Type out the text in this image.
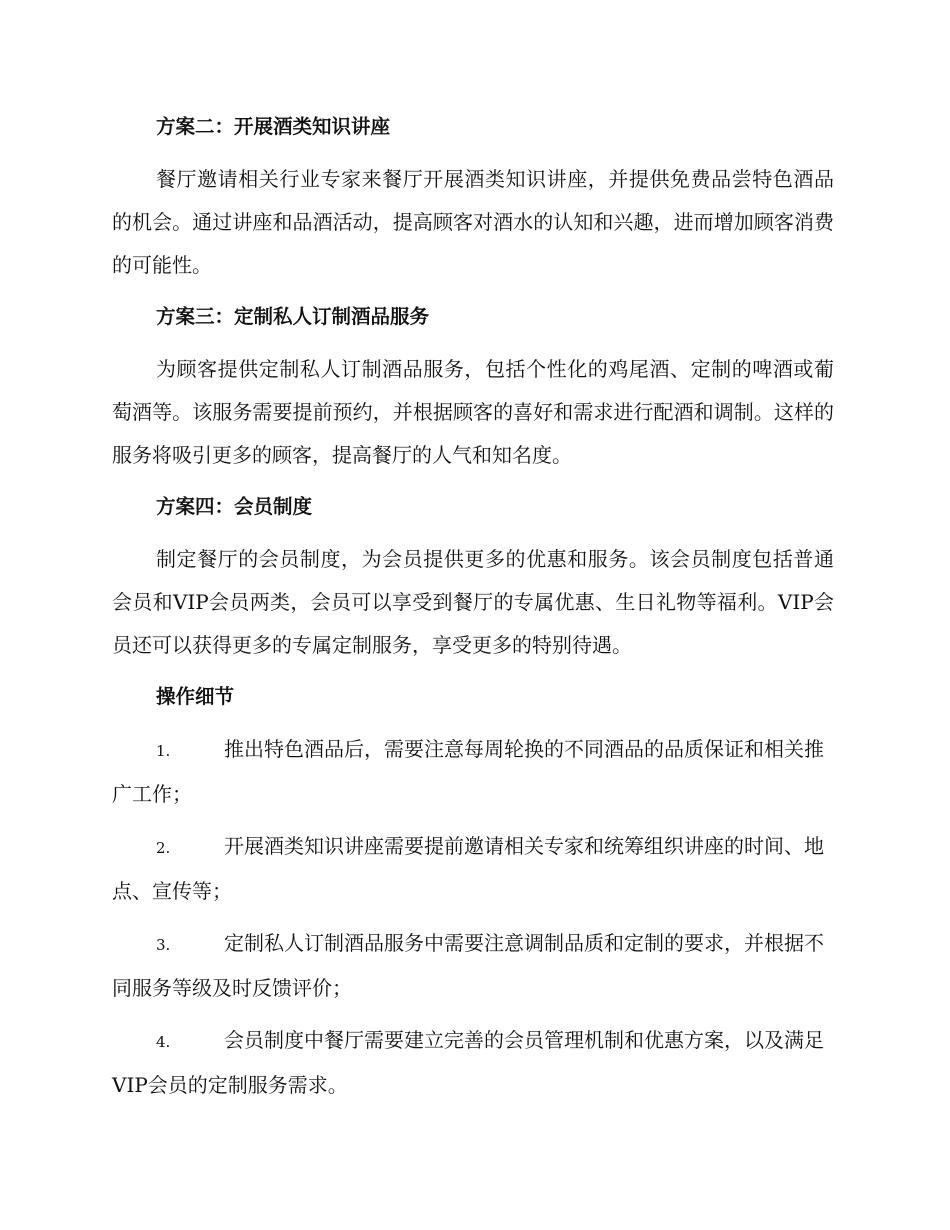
方案二：开展酒类知识讲座

餐厅邀请相关行业专家来餐厅开展酒类知识讲座，并提供免费品尝特色酒品的机会。通过讲座和品酒活动，提高顾客对酒水的认知和兴趣，进而增加顾客消费的可能性。

方案三：定制私人订制酒品服务

为顾客提供定制私人订制酒品服务，包括个性化的鸡尾酒、定制的啤酒或葡萄酒等。该服务需要提前预约，并根据顾客的喜好和需求进行配酒和调制。这样的服务将吸引更多的顾客，提高餐厅的人气和知名度。

方案四：会员制度

制定餐厅的会员制度，为会员提供更多的优惠和服务。该会员制度包括普通会员和VIP会员两类，会员可以享受到餐厅的专属优惠、生日礼物等福利。VIP会员还可以获得更多的专属定制服务，享受更多的特别待遇。

操作细节

1.	推出特色酒品后，需要注意每周轮换的不同酒品的品质保证和相关推广工作；

2.	开展酒类知识讲座需要提前邀请相关专家和统筹组织讲座的时间、地点、宣传等；

3.	定制私人订制酒品服务中需要注意调制品质和定制的要求，并根据不同服务等级及时反馈评价；

4.	会员制度中餐厅需要建立完善的会员管理机制和优惠方案，以及满足VIP会员的定制服务需求。
